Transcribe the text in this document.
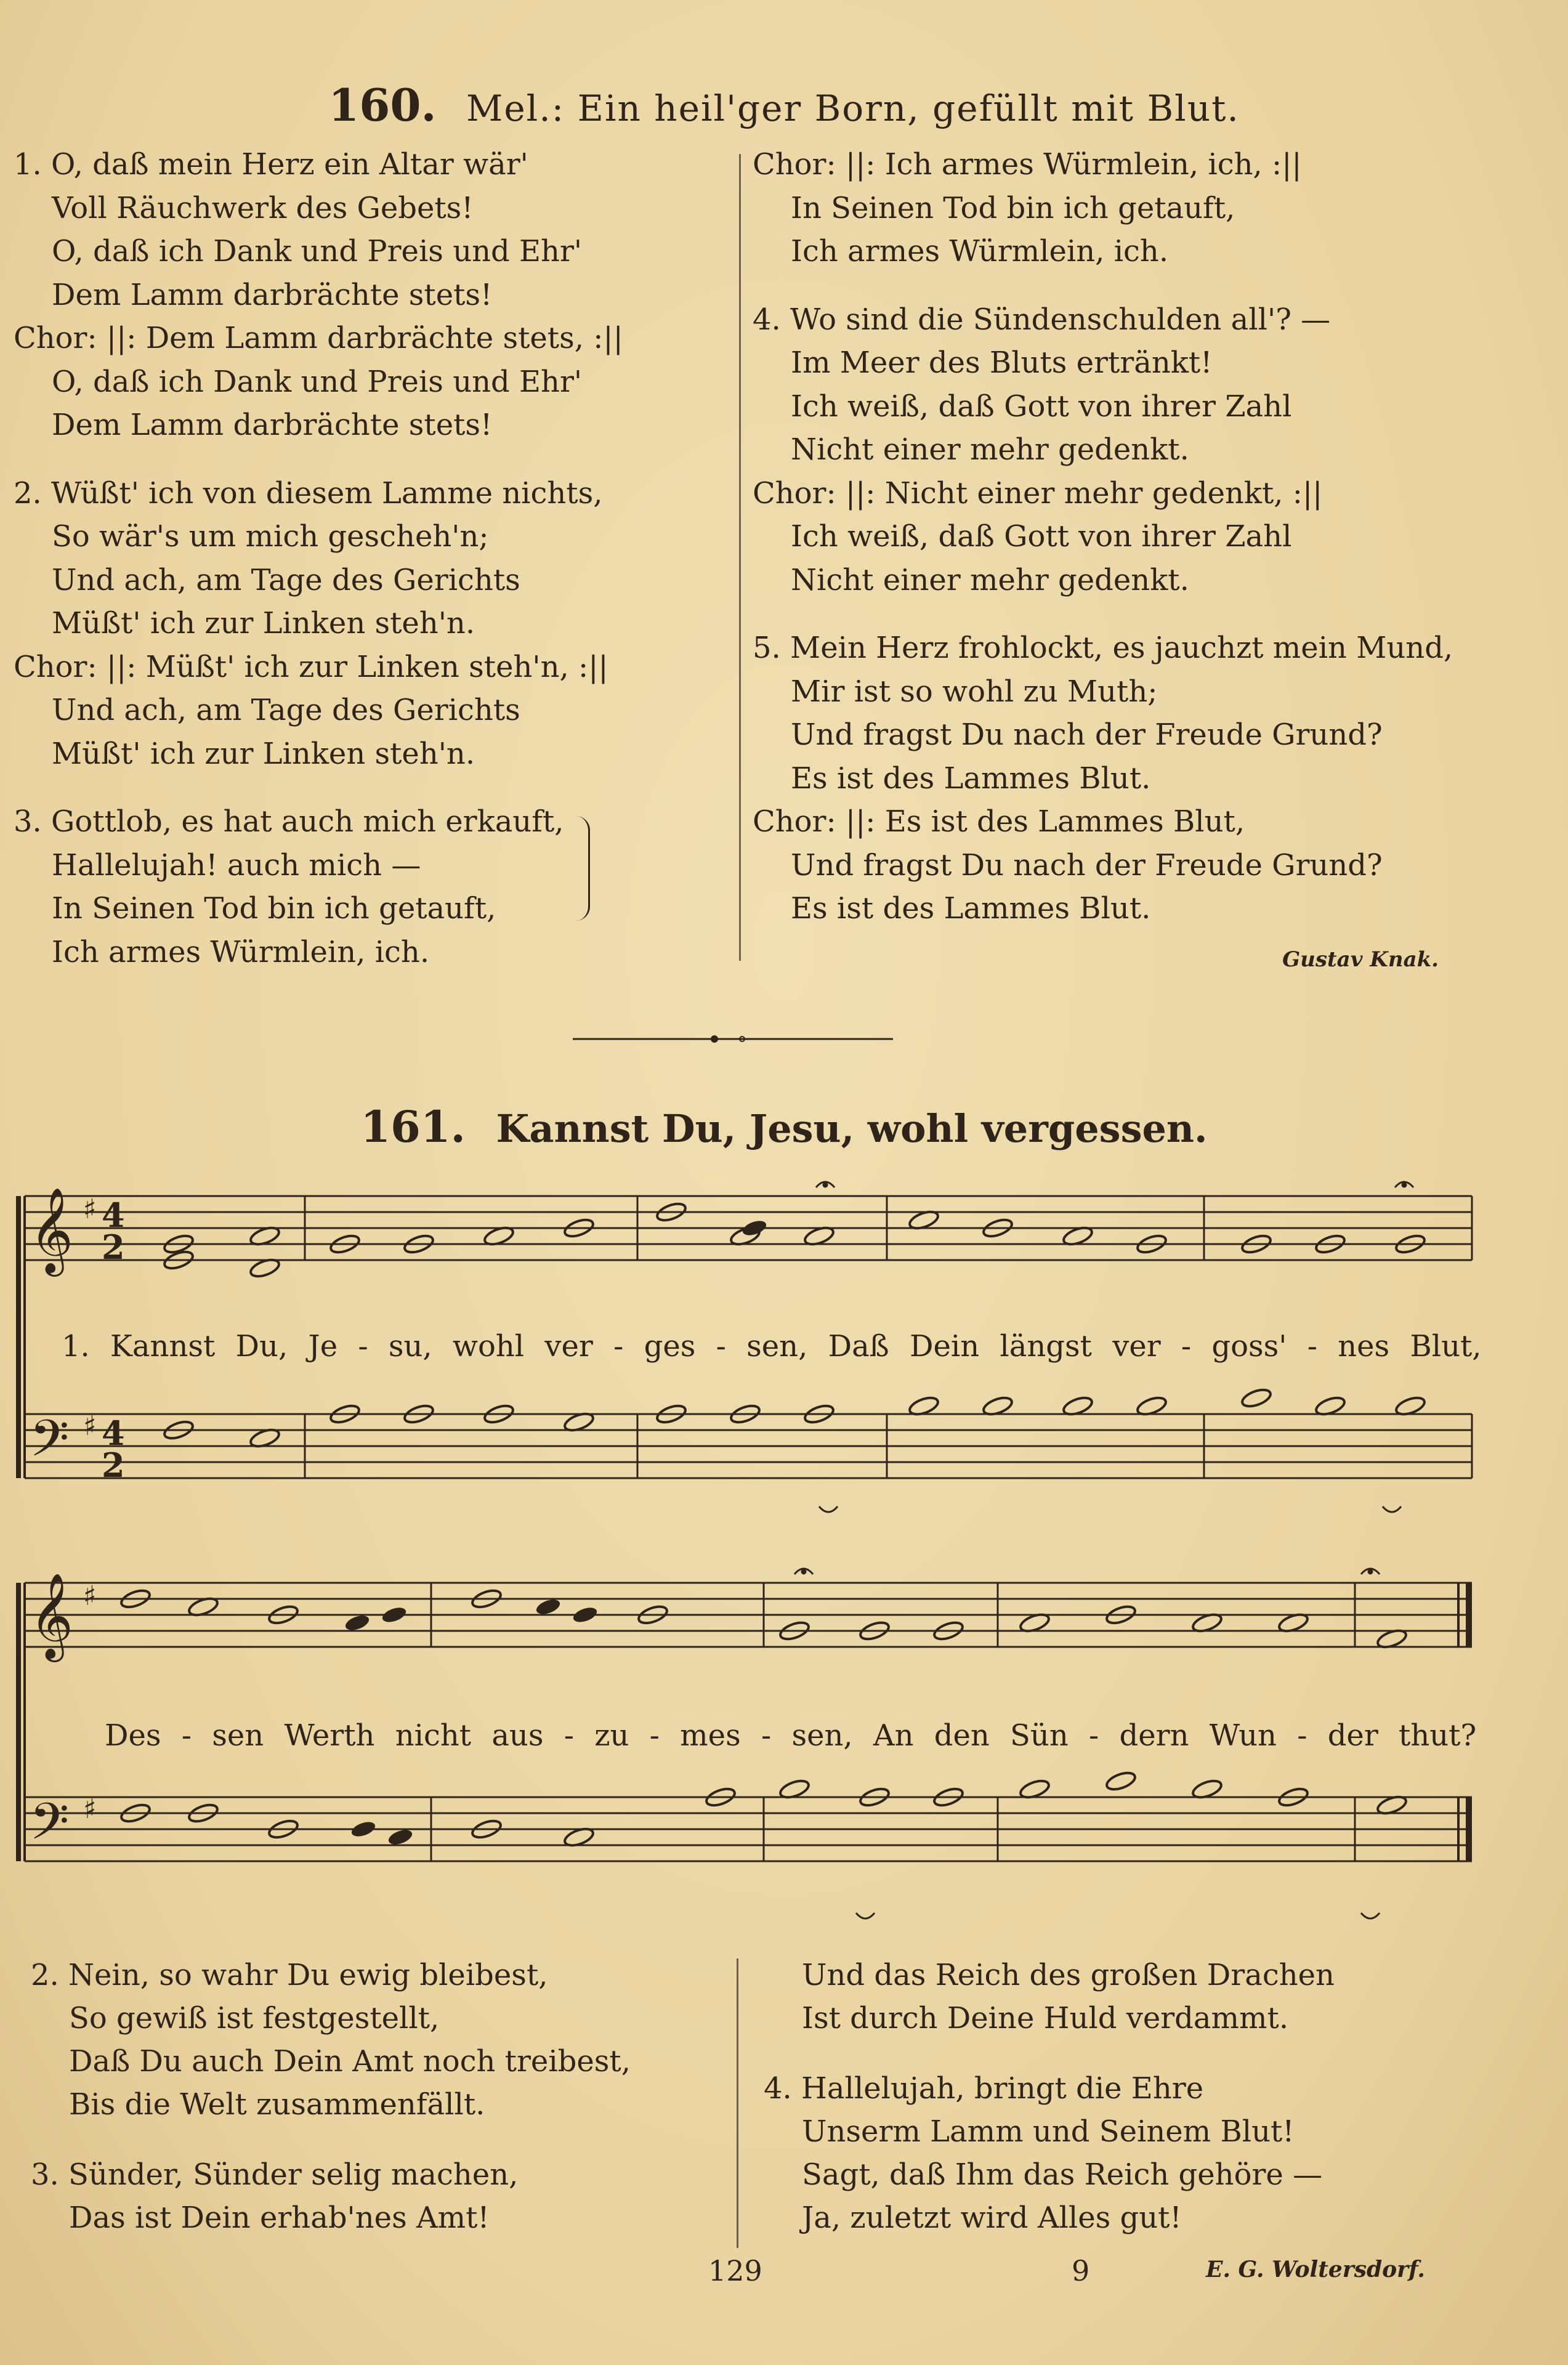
160. Mel.: Ein heil'ger Born, gefüllt mit Blut.
1. O, daß mein Herz ein Altar wär'
Voll Räuchwerk des Gebets!
O, daß ich Dank und Preis und Ehr'
Dem Lamm darbrächte stets!
Chor: ||: Dem Lamm darbrächte stets, :||
O, daß ich Dank und Preis und Ehr'
Dem Lamm darbrächte stets!
2. Wüßt' ich von diesem Lamme nichts,
So wär's um mich gescheh'n;
Und ach, am Tage des Gerichts
Müßt' ich zur Linken steh'n.
Chor: ||: Müßt' ich zur Linken steh'n, :||
Und ach, am Tage des Gerichts
Müßt' ich zur Linken steh'n.
3. Gottlob, es hat auch mich erkauft,
Hallelujah! auch mich —
In Seinen Tod bin ich getauft,
Ich armes Würmlein, ich.
Chor: ||: Ich armes Würmlein, ich, :||
In Seinen Tod bin ich getauft,
Ich armes Würmlein, ich.
4. Wo sind die Sündenschulden all'? —
Im Meer des Bluts ertränkt!
Ich weiß, daß Gott von ihrer Zahl
Nicht einer mehr gedenkt.
Chor: ||: Nicht einer mehr gedenkt, :||
Ich weiß, daß Gott von ihrer Zahl
Nicht einer mehr gedenkt.
5. Mein Herz frohlockt, es jauchzt mein Mund,
Mir ist so wohl zu Muth;
Und fragst Du nach der Freude Grund?
Es ist des Lammes Blut.
Chor: ||: Es ist des Lammes Blut,
Und fragst Du nach der Freude Grund?
Es ist des Lammes Blut.
Gustav Knak.
161. Kannst Du, Jesu, wohl vergessen.
𝄞 ♯ 4
2
𝄢 ♯ 4
2
𝄞 ♯
𝄢 ♯
1. Kannst Du, Je - su, wohl ver - ges - sen, Daß Dein längst ver - goss' - nes Blut,
Des - sen Werth nicht aus - zu - mes - sen, An den Sün - dern Wun - der thut?
2. Nein, so wahr Du ewig bleibest,
So gewiß ist festgestellt,
Daß Du auch Dein Amt noch treibest,
Bis die Welt zusammenfällt.
3. Sünder, Sünder selig machen,
Das ist Dein erhab'nes Amt!
Und das Reich des großen Drachen
Ist durch Deine Huld verdammt.
4. Hallelujah, bringt die Ehre
Unserm Lamm und Seinem Blut!
Sagt, daß Ihm das Reich gehöre —
Ja, zuletzt wird Alles gut!
129	9	E. G. Woltersdorf.
